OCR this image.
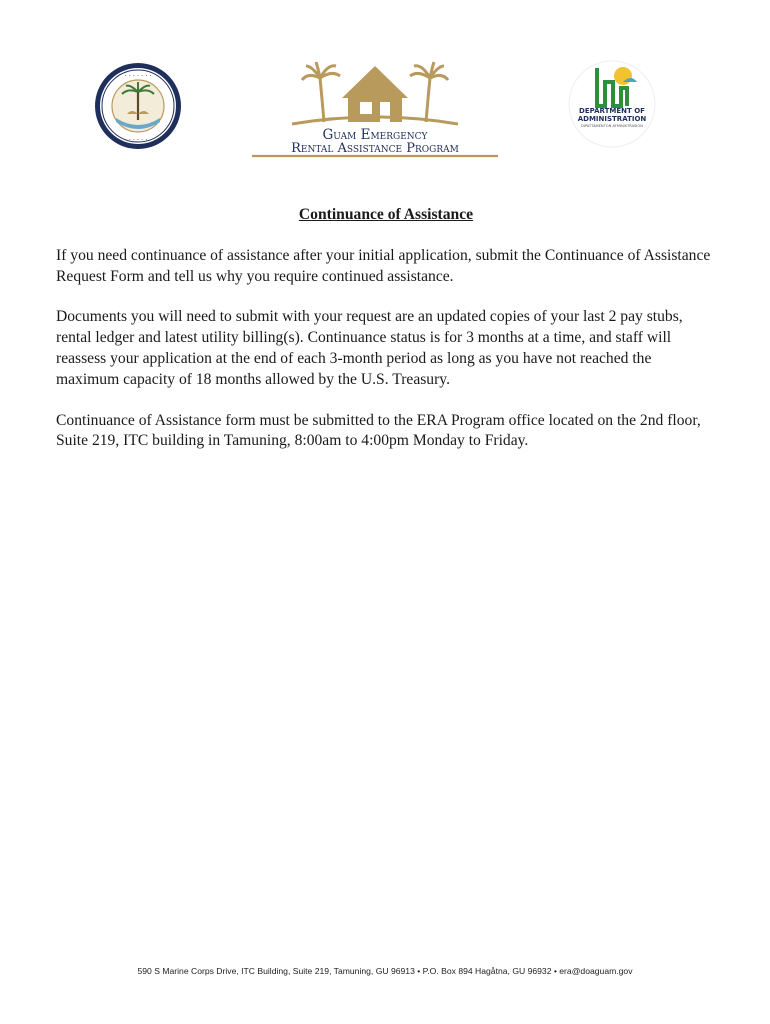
· · · · · · ·
· · · · ·	Guam Emergency
Rental Assistance Program
DEPARTMENT OF
ADMINISTRATION
DIPATTAMENTON ATMINISTRASION

Continuance of Assistance

If you need continuance of assistance after your initial application, submit the Continuance of Assistance Request Form and tell us why you require continued assistance.

Documents you will need to submit with your request are an updated copies of your last 2 pay stubs, rental ledger and latest utility billing(s). Continuance status is for 3 months at a time, and staff will reassess your application at the end of each 3-month period as long as you have not reached the maximum capacity of 18 months allowed by the U.S. Treasury.

Continuance of Assistance form must be submitted to the ERA Program office located on the 2nd floor, Suite 219, ITC building in Tamuning, 8:00am to 4:00pm Monday to Friday.

590 S Marine Corps Drive, ITC Building, Suite 219, Tamuning, GU 96913 • P.O. Box 894 Hagåtna, GU 96932 • era@doaguam.gov
